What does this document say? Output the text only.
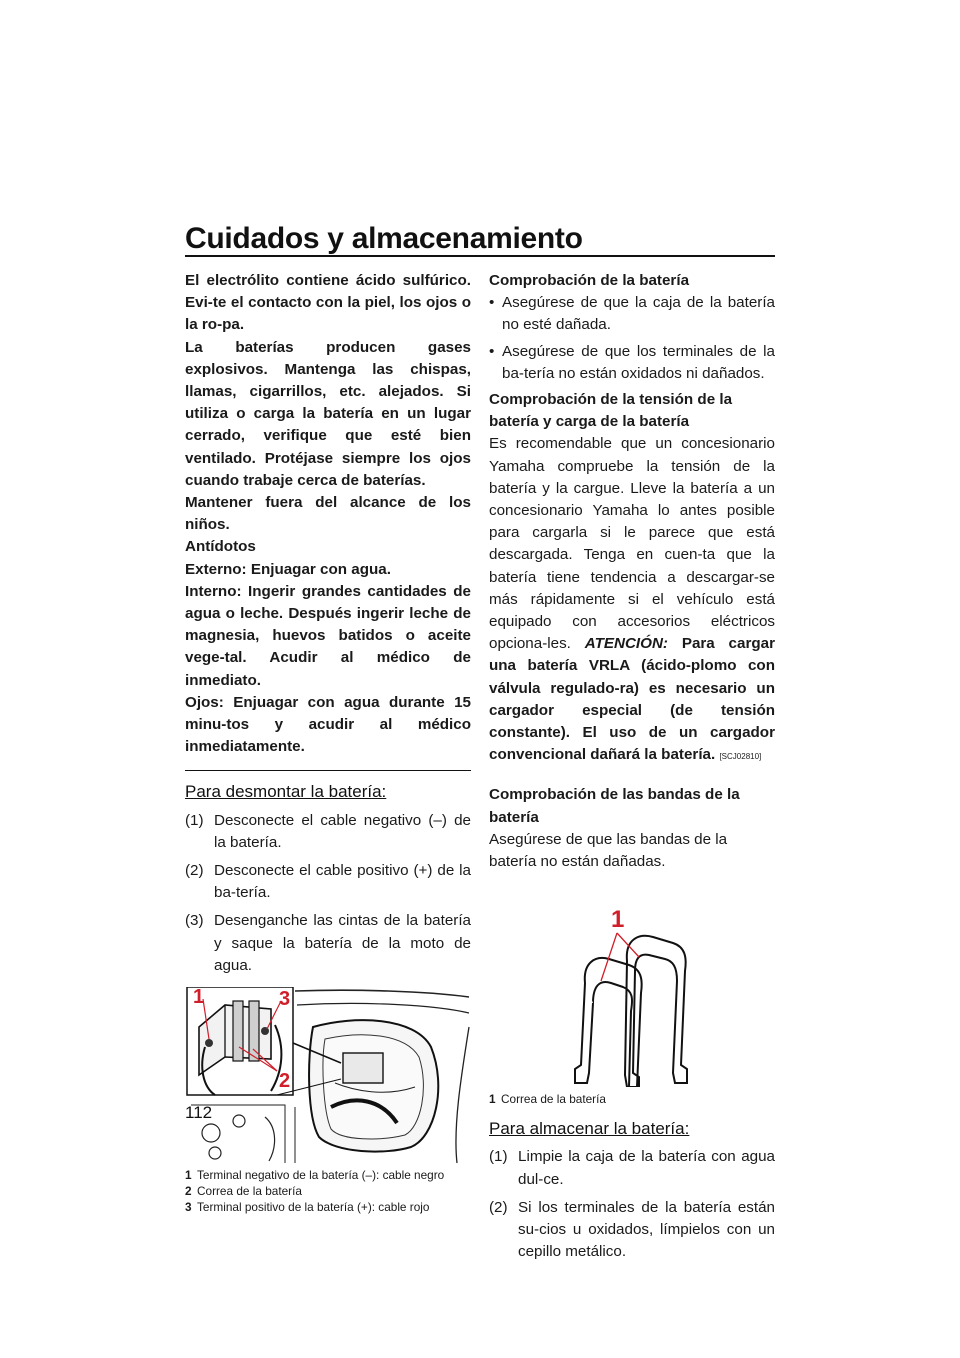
Cuidados y almacenamiento

El electrólito contiene ácido sulfúrico. Evi-te el contacto con la piel, los ojos o la ro-pa.

La baterías producen gases explosivos. Mantenga las chispas, llamas, cigarrillos, etc. alejados. Si utiliza o carga la batería en un lugar cerrado, verifique que esté bien ventilado. Protéjase siempre los ojos cuando trabaje cerca de baterías.

Mantener fuera del alcance de los niños.

Antídotos

Externo: Enjuagar con agua.

Interno: Ingerir grandes cantidades de agua o leche. Después ingerir leche de magnesia, huevos batidos o aceite vege-tal. Acudir al médico de inmediato.

Ojos: Enjuagar con agua durante 15 minu-tos y acudir al médico inmediatamente.

Para desmontar la batería:
(1) Desconecte el cable negativo (–) de la batería.
(2) Desconecte el cable positivo (+) de la ba-tería.
(3) Desenganche las cintas de la batería y saque la batería de la moto de agua.
1	3
2
1 Terminal negativo de la batería (–): cable negro
2 Correa de la batería
3 Terminal positivo de la batería (+): cable rojo
Comprobación de la batería
• Asegúrese de que la caja de la batería no esté dañada.
• Asegúrese de que los terminales de la ba-tería no están oxidados ni dañados.
Comprobación de la tensión de la batería y carga de la batería
Es recomendable que un concesionario Yamaha compruebe la tensión de la batería y la cargue. Lleve la batería a un concesionario Yamaha lo antes posible para cargarla si le parece que está descargada. Tenga en cuen-ta que la batería tiene tendencia a descargar-se más rápidamente si el vehículo está equipado con accesorios eléctricos opciona-les. ATENCIÓN: Para cargar una batería VRLA (ácido-plomo con válvula regulado-ra) es necesario un cargador especial (de tensión constante). El uso de un cargador convencional dañará la batería. [SCJ02810]
Comprobación de las bandas de la batería
Asegúrese de que las bandas de la batería no están dañadas.
1
1 Correa de la batería
Para almacenar la batería:
(1) Limpie la caja de la batería con agua dul-ce.
(2) Si los terminales de la batería están su-cios u oxidados, límpielos con un cepillo metálico.
112
